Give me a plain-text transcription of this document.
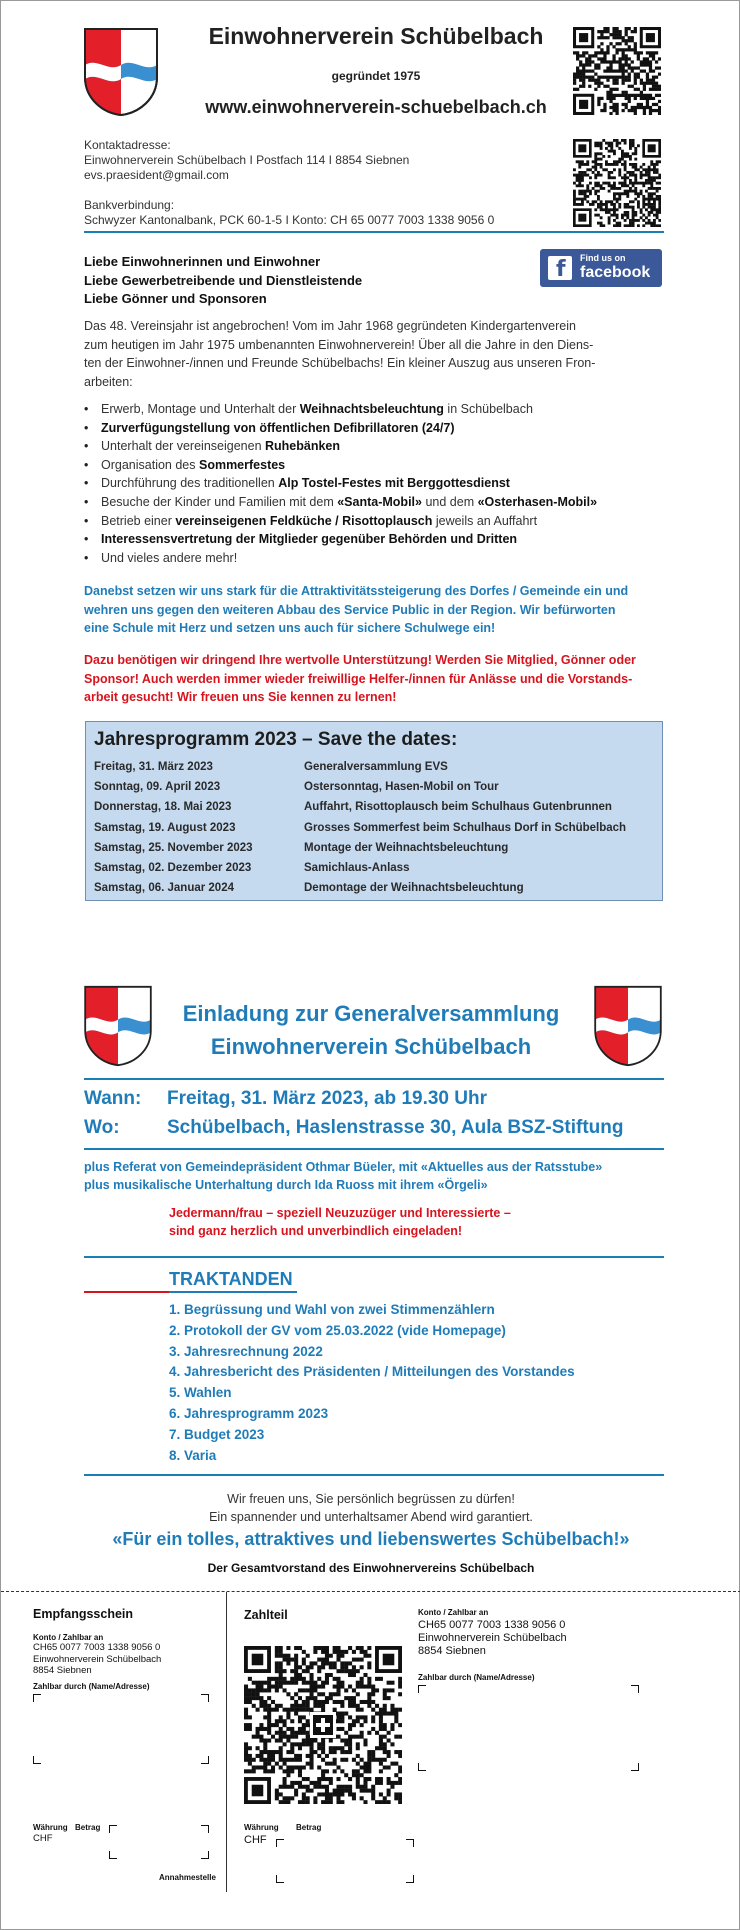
Einwohnerverein Schübelbach
gegründet 1975
www.einwohnerverein-schuebelbach.ch
Kontaktadresse:
Einwohnerverein Schübelbach I Postfach 114 I 8854 Siebnen
evs.praesident@gmail.com
Bankverbindung:
Schwyzer Kantonalbank, PCK 60-1-5 I Konto: CH 65 0077 7003 1338 9056 0
Liebe Einwohnerinnen und Einwohner
Liebe Gewerbetreibende und Dienstleistende
Liebe Gönner und Sponsoren
f Find us on
facebook
Das 48. Vereinsjahr ist angebrochen! Vom im Jahr 1968 gegründeten Kindergartenverein
zum heutigen im Jahr 1975 umbenannten Einwohnerverein! Über all die Jahre in den Diens-
ten der Einwohner-/innen und Freunde Schübelbachs! Ein kleiner Auszug aus unseren Fron-
arbeiten:
• Erwerb, Montage und Unterhalt der Weihnachtsbeleuchtung in Schübelbach
• Zurverfügungstellung von öffentlichen Defibrillatoren (24/7)
• Unterhalt der vereinseigenen Ruhebänken
• Organisation des Sommerfestes
• Durchführung des traditionellen Alp Tostel-Festes mit Berggottesdienst
• Besuche der Kinder und Familien mit dem «Santa-Mobil» und dem «Osterhasen-Mobil»
• Betrieb einer vereinseigenen Feldküche / Risottoplausch jeweils an Auffahrt
• Interessensvertretung der Mitglieder gegenüber Behörden und Dritten
• Und vieles andere mehr!
Danebst setzen wir uns stark für die Attraktivitätssteigerung des Dorfes / Gemeinde ein und
wehren uns gegen den weiteren Abbau des Service Public in der Region. Wir befürworten
eine Schule mit Herz und setzen uns auch für sichere Schulwege ein!
Dazu benötigen wir dringend Ihre wertvolle Unterstützung! Werden Sie Mitglied, Gönner oder
Sponsor! Auch werden immer wieder freiwillige Helfer-/innen für Anlässe und die Vorstands-
arbeit gesucht! Wir freuen uns Sie kennen zu lernen!
Jahresprogramm 2023 – Save the dates:
Freitag, 31. März 2023	Generalversammlung EVS
Sonntag, 09. April 2023	Ostersonntag, Hasen-Mobil on Tour
Donnerstag, 18. Mai 2023	Auffahrt, Risottoplausch beim Schulhaus Gutenbrunnen
Samstag, 19. August 2023	Grosses Sommerfest beim Schulhaus Dorf in Schübelbach
Samstag, 25. November 2023	Montage der Weihnachtsbeleuchtung
Samstag, 02. Dezember 2023	Samichlaus-Anlass
Samstag, 06. Januar 2024	Demontage der Weihnachtsbeleuchtung
Einladung zur Generalversammlung
Einwohnerverein Schübelbach
Wann: Freitag, 31. März 2023, ab 19.30 Uhr
Wo: Schübelbach, Haslenstrasse 30, Aula BSZ-Stiftung
plus Referat von Gemeindepräsident Othmar Büeler, mit «Aktuelles aus der Ratsstube»
plus musikalische Unterhaltung durch Ida Ruoss mit ihrem «Örgeli»
Jedermann/frau – speziell Neuzuzüger und Interessierte –
sind ganz herzlich und unverbindlich eingeladen!
TRAKTANDEN
1. Begrüssung und Wahl von zwei Stimmenzählern
2. Protokoll der GV vom 25.03.2022 (vide Homepage)
3. Jahresrechnung 2022
4. Jahresbericht des Präsidenten / Mitteilungen des Vorstandes
5. Wahlen
6. Jahresprogramm 2023
7. Budget 2023
8. Varia
Wir freuen uns, Sie persönlich begrüssen zu dürfen!
Ein spannender und unterhaltsamer Abend wird garantiert.
«Für ein tolles, attraktives und liebenswertes Schübelbach!»
Der Gesamtvorstand des Einwohnervereins Schübelbach
Empfangsschein
Konto / Zahlbar an
CH65 0077 7003 1338 9056 0
Einwohnerverein Schübelbach
8854 Siebnen
Zahlbar durch (Name/Adresse)
Währung Betrag
CHF
Annahmestelle
Zahlteil
Währung Betrag
CHF
Konto / Zahlbar an
CH65 0077 7003 1338 9056 0
Einwohnerverein Schübelbach
8854 Siebnen
Zahlbar durch (Name/Adresse)
